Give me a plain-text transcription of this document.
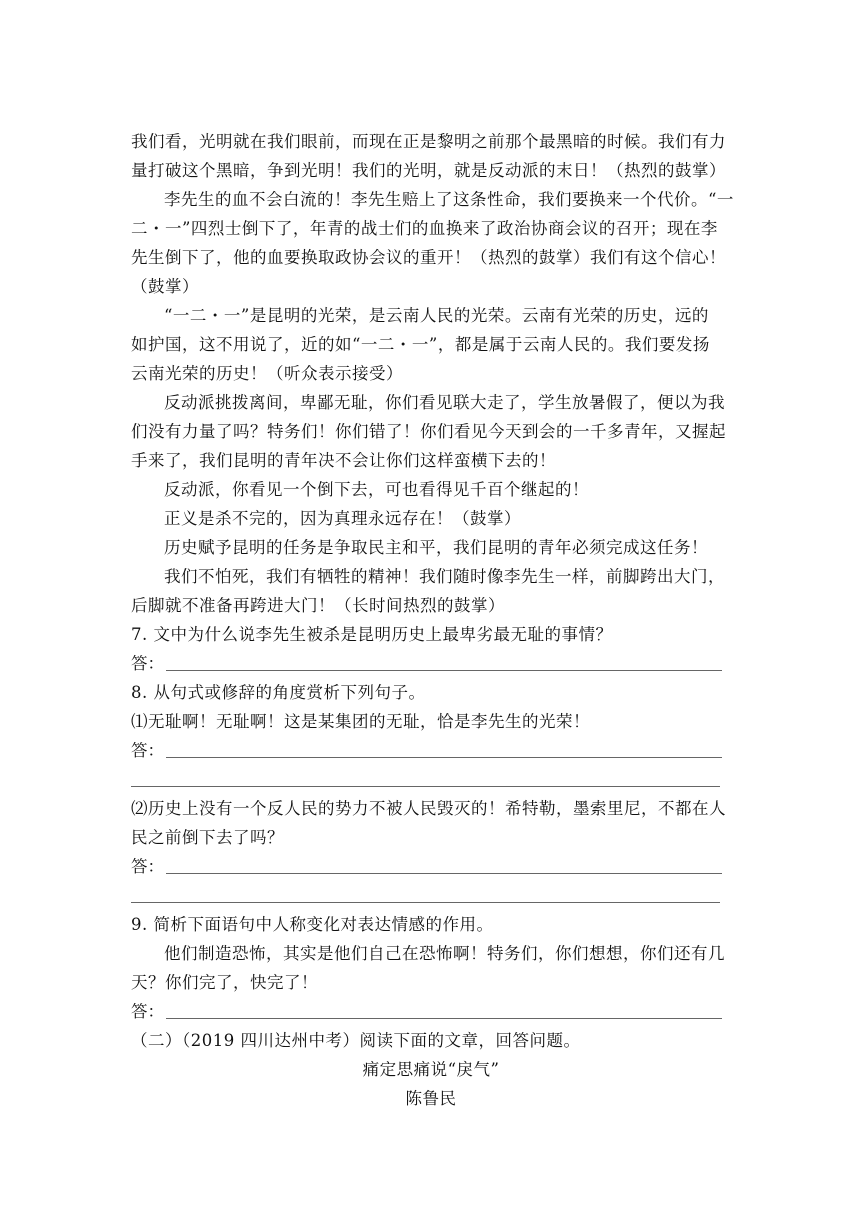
我们看，光明就在我们眼前，而现在正是黎明之前那个最黑暗的时候。我们有力
量打破这个黑暗，争到光明！我们的光明，就是反动派的末日！（热烈的鼓掌）
李先生的血不会白流的！李先生赔上了这条性命，我们要换来一个代价。“一
二・一”四烈士倒下了，年青的战士们的血换来了政治协商会议的召开；现在李
先生倒下了，他的血要换取政协会议的重开！（热烈的鼓掌）我们有这个信心！
（鼓掌）
“一二・一”是昆明的光荣，是云南人民的光荣。云南有光荣的历史，远的
如护国，这不用说了，近的如“一二・一”，都是属于云南人民的。我们要发扬
云南光荣的历史！（听众表示接受）
反动派挑拨离间，卑鄙无耻，你们看见联大走了，学生放暑假了，便以为我
们没有力量了吗？特务们！你们错了！你们看见今天到会的一千多青年，又握起
手来了，我们昆明的青年决不会让你们这样蛮横下去的！
反动派，你看见一个倒下去，可也看得见千百个继起的！
正义是杀不完的，因为真理永远存在！（鼓掌）
历史赋予昆明的任务是争取民主和平，我们昆明的青年必须完成这任务！
我们不怕死，我们有牺牲的精神！我们随时像李先生一样，前脚跨出大门，
后脚就不准备再跨进大门！（长时间热烈的鼓掌）
7. 文中为什么说李先生被杀是昆明历史上最卑劣最无耻的事情？
答：
8. 从句式或修辞的角度赏析下列句子。
⑴无耻啊！无耻啊！这是某集团的无耻，恰是李先生的光荣！
答：
⑵历史上没有一个反人民的势力不被人民毁灭的！希特勒，墨索里尼，不都在人
民之前倒下去了吗？
答：
9. 简析下面语句中人称变化对表达情感的作用。
他们制造恐怖，其实是他们自己在恐怖啊！特务们，你们想想，你们还有几
天？你们完了，快完了！
答：
（二）（2019 四川达州中考）阅读下面的文章，回答问题。
痛定思痛说“戾气”
陈鲁民
